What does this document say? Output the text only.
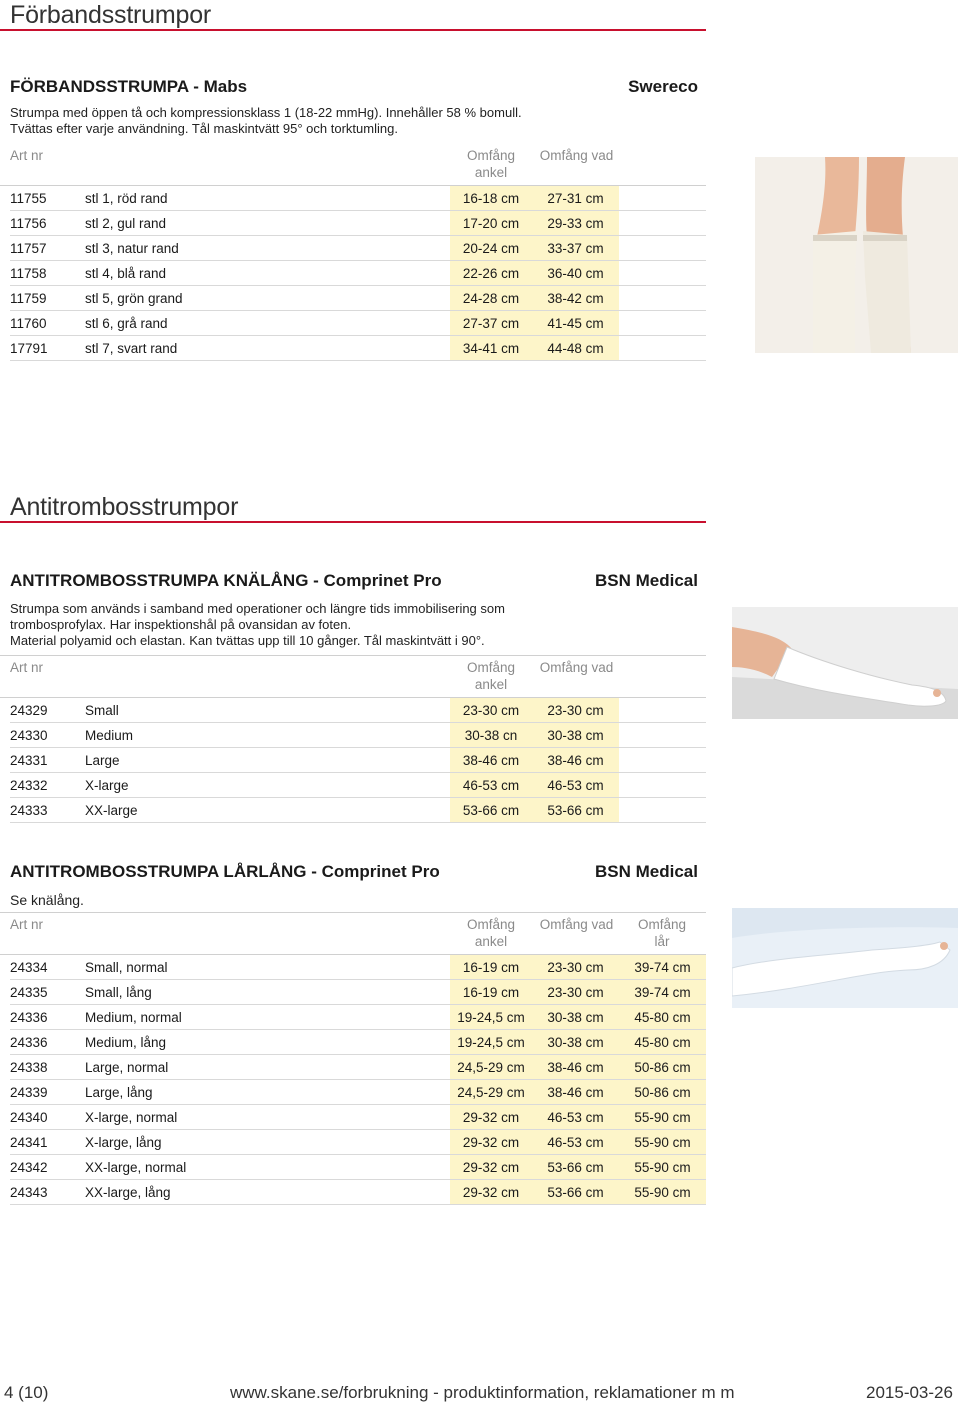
Förbandsstrumpor
FÖRBANDSSTRUMPA - Mabs	Swereco
Strumpa med öppen tå och kompressionsklass 1 (18-22 mmHg). Innehåller 58 % bomull.
Tvättas efter varje användning. Tål maskintvätt 95° och torktumling.
Art nr	Omfång
ankel
Omfång vad
11755	stl 1, röd rand	16-18 cm	27-31 cm	
11756	stl 2, gul rand	17-20 cm	29-33 cm	
11757	stl 3, natur rand	20-24 cm	33-37 cm	
11758	stl 4, blå rand	22-26 cm	36-40 cm	
11759	stl 5, grön grand	24-28 cm	38-42 cm	
11760	stl 6, grå rand	27-37 cm	41-45 cm	
17791	stl 7, svart rand	34-41 cm	44-48 cm	
Antitrombosstrumpor
ANTITROMBOSSTRUMPA KNÄLÅNG - Comprinet Pro	BSN Medical
Strumpa som används i samband med operationer och längre tids immobilisering som
trombosprofylax. Har inspektionshål på ovansidan av foten.
Material polyamid och elastan. Kan tvättas upp till 10 gånger. Tål maskintvätt i 90°.
Art nr	Omfång
ankel
Omfång vad
24329	Small	23-30 cm	23-30 cm	
24330	Medium	30-38 cn	30-38 cm	
24331	Large	38-46 cm	38-46 cm	
24332	X-large	46-53 cm	46-53 cm	
24333	XX-large	53-66 cm	53-66 cm	
ANTITROMBOSSTRUMPA LÅRLÅNG - Comprinet Pro	BSN Medical
Se knälång.
Art nr	Omfång
ankel
Omfång vad	Omfång
lår
24334	Small, normal	16-19 cm	23-30 cm	39-74 cm
24335	Small, lång	16-19 cm	23-30 cm	39-74 cm
24336	Medium, normal	19-24,5 cm	30-38 cm	45-80 cm
24336	Medium, lång	19-24,5 cm	30-38 cm	45-80 cm
24338	Large, normal	24,5-29 cm	38-46 cm	50-86 cm
24339	Large, lång	24,5-29 cm	38-46 cm	50-86 cm
24340	X-large, normal	29-32 cm	46-53 cm	55-90 cm
24341	X-large, lång	29-32 cm	46-53 cm	55-90 cm
24342	XX-large, normal	29-32 cm	53-66 cm	55-90 cm
24343	XX-large, lång	29-32 cm	53-66 cm	55-90 cm
4 (10)	www.skane.se/forbrukning - produktinformation, reklamationer m m	2015-03-26
